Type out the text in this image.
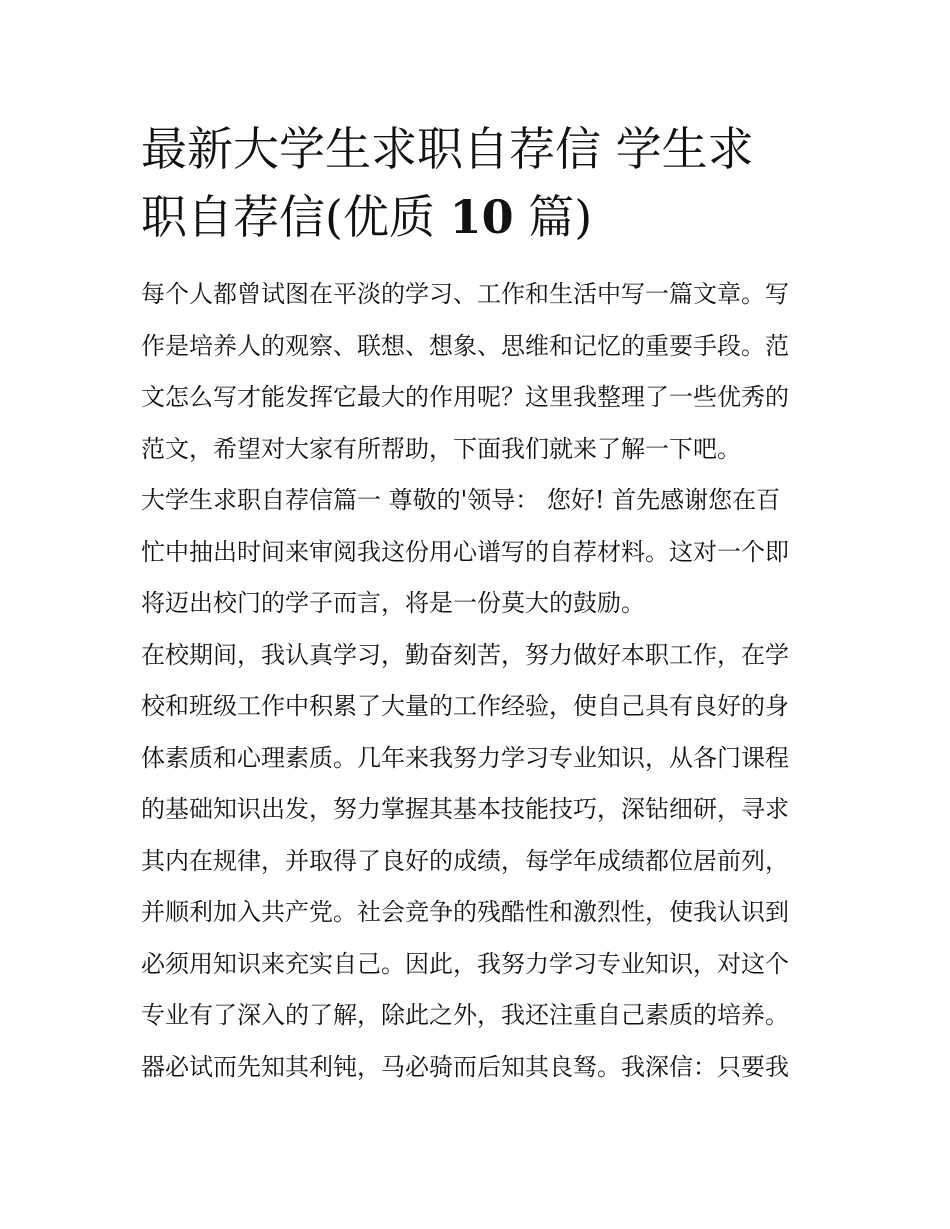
最新大学生求职自荐信 学生求
职自荐信(优质 10 篇)

每个人都曾试图在平淡的学习、工作和生活中写一篇文章。写
作是培养人的观察、联想、想象、思维和记忆的重要手段。范
文怎么写才能发挥它最大的作用呢？这里我整理了一些优秀的
范文，希望对大家有所帮助，下面我们就来了解一下吧。

大学生求职自荐信篇一 尊敬的'领导： 您好! 首先感谢您在百
忙中抽出时间来审阅我这份用心谱写的自荐材料。这对一个即
将迈出校门的学子而言，将是一份莫大的鼓励。

在校期间，我认真学习，勤奋刻苦，努力做好本职工作，在学
校和班级工作中积累了大量的工作经验，使自己具有良好的身
体素质和心理素质。几年来我努力学习专业知识，从各门课程
的基础知识出发，努力掌握其基本技能技巧，深钻细研，寻求
其内在规律，并取得了良好的成绩，每学年成绩都位居前列，
并顺利加入共产党。社会竞争的残酷性和激烈性，使我认识到
必须用知识来充实自己。因此，我努力学习专业知识，对这个
专业有了深入的了解，除此之外，我还注重自己素质的培养。
器必试而先知其利钝，马必骑而后知其良驽。我深信：只要我
